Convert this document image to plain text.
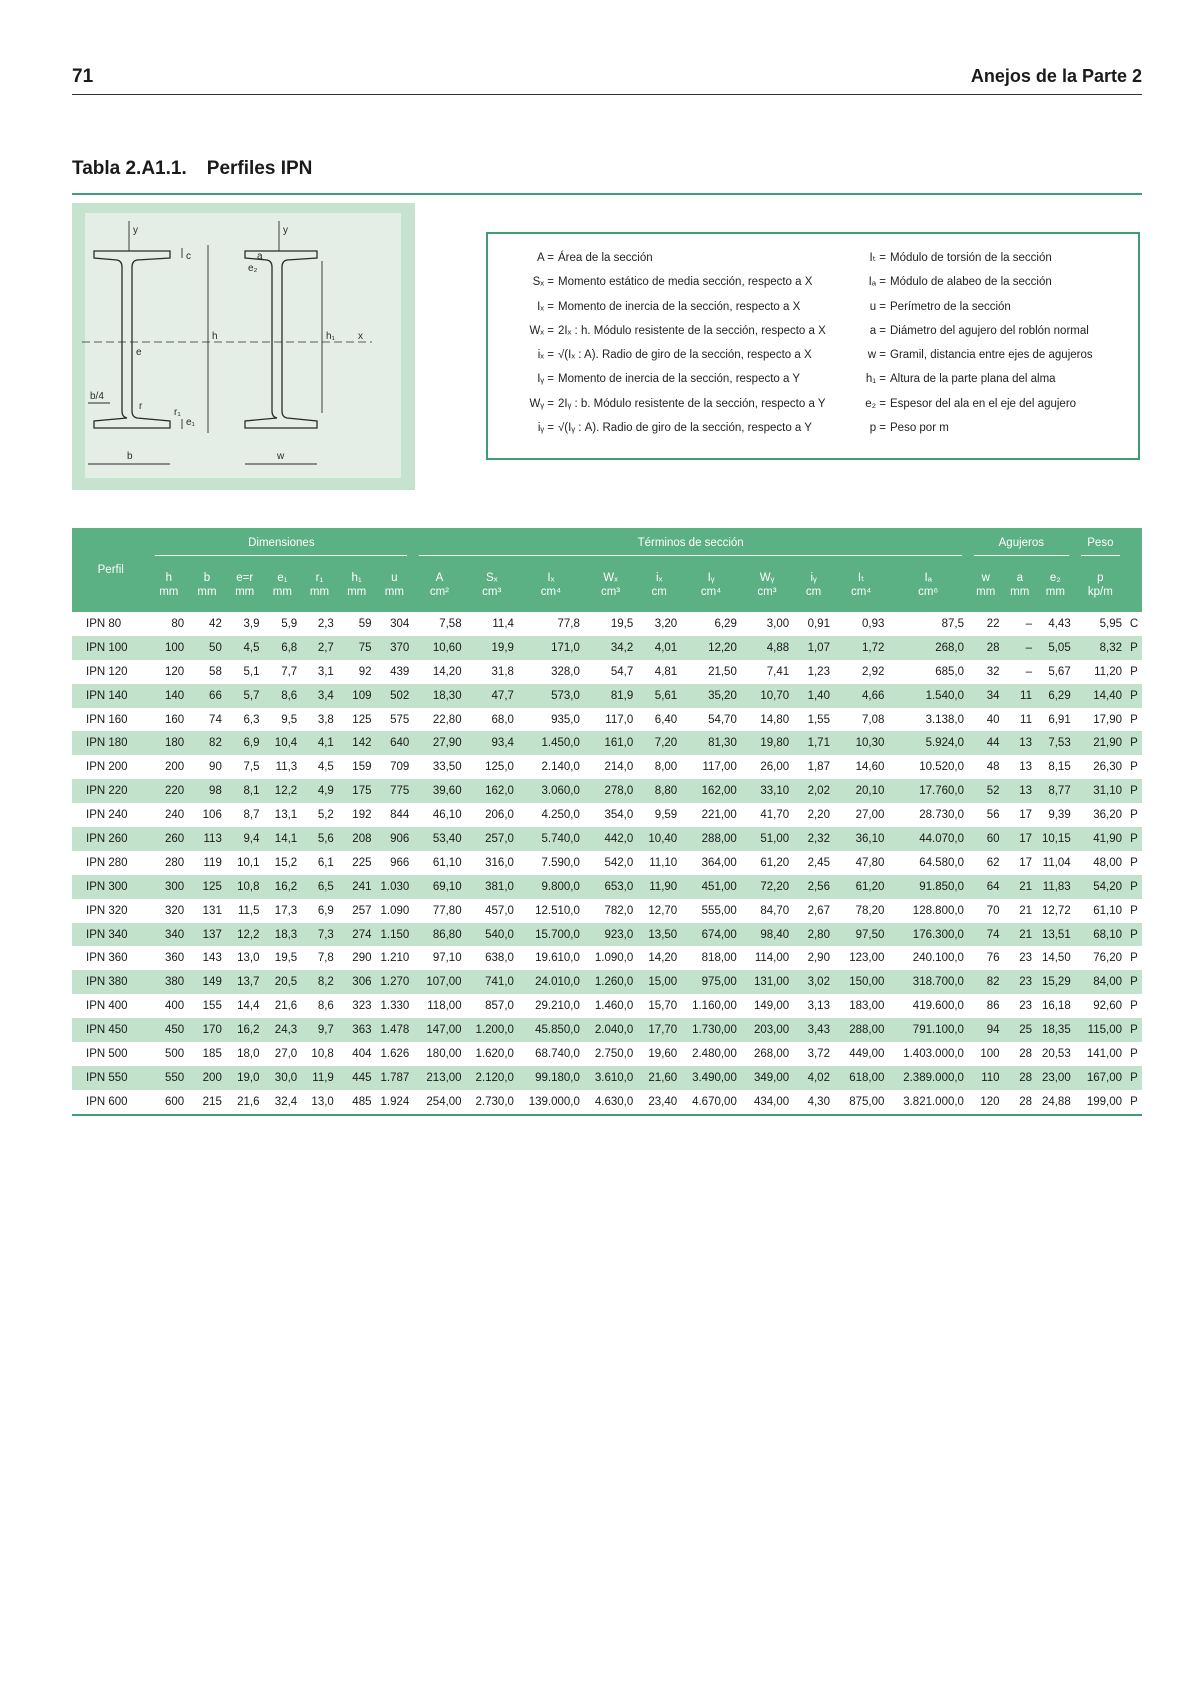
71	Anejos de la Parte 2
Tabla 2.A1.1. Perfiles IPN
y	y
c
e
h	h₁ x
b/4
e₁
r
r₁
b	w
e₂
a	A = Área de la sección
Sₓ = Momento estático de media sección, respecto a X
Iₓ = Momento de inercia de la sección, respecto a X
Wₓ = 2Iₓ : h. Módulo resistente de la sección, respecto a X
iₓ = √(Iₓ : A). Radio de giro de la sección, respecto a X
Iᵧ = Momento de inercia de la sección, respecto a Y
Wᵧ = 2Iᵧ : b. Módulo resistente de la sección, respecto a Y
iᵧ = √(Iᵧ : A). Radio de giro de la sección, respecto a Y
Iₜ = Módulo de torsión de la sección
Iₐ = Módulo de alabeo de la sección
u = Perímetro de la sección
a = Diámetro del agujero del roblón normal
w = Gramil, distancia entre ejes de agujeros
h₁ = Altura de la parte plana del alma
e₂ = Espesor del ala en el eje del agujero
p = Peso por m
Perfil	Dimensiones							Términos de sección										Agujeros			Peso	

	h	b	e=r	e₁	r₁	h₁	u	A	Sₓ	Iₓ	Wₓ	iₓ	Iᵧ	Wᵧ	iᵧ	Iₜ	Iₐ	w	a	e₂	p	
	mm	mm	mm	mm	mm	mm	mm	cm²	cm³	cm⁴	cm³	cm	cm⁴	cm³	cm	cm⁴	cm⁶	mm	mm	mm	kp/m	
IPN 80	80	42	3,9	5,9	2,3	59	304	7,58	11,4	77,8	19,5	3,20	6,29	3,00	0,91	0,93	87,5	22	–	4,43	5,95	C
IPN 100	100	50	4,5	6,8	2,7	75	370	10,60	19,9	171,0	34,2	4,01	12,20	4,88	1,07	1,72	268,0	28	–	5,05	8,32	P
IPN 120	120	58	5,1	7,7	3,1	92	439	14,20	31,8	328,0	54,7	4,81	21,50	7,41	1,23	2,92	685,0	32	–	5,67	11,20	P
IPN 140	140	66	5,7	8,6	3,4	109	502	18,30	47,7	573,0	81,9	5,61	35,20	10,70	1,40	4,66	1.540,0	34	11	6,29	14,40	P
IPN 160	160	74	6,3	9,5	3,8	125	575	22,80	68,0	935,0	117,0	6,40	54,70	14,80	1,55	7,08	3.138,0	40	11	6,91	17,90	P
IPN 180	180	82	6,9	10,4	4,1	142	640	27,90	93,4	1.450,0	161,0	7,20	81,30	19,80	1,71	10,30	5.924,0	44	13	7,53	21,90	P
IPN 200	200	90	7,5	11,3	4,5	159	709	33,50	125,0	2.140,0	214,0	8,00	117,00	26,00	1,87	14,60	10.520,0	48	13	8,15	26,30	P
IPN 220	220	98	8,1	12,2	4,9	175	775	39,60	162,0	3.060,0	278,0	8,80	162,00	33,10	2,02	20,10	17.760,0	52	13	8,77	31,10	P
IPN 240	240	106	8,7	13,1	5,2	192	844	46,10	206,0	4.250,0	354,0	9,59	221,00	41,70	2,20	27,00	28.730,0	56	17	9,39	36,20	P
IPN 260	260	113	9,4	14,1	5,6	208	906	53,40	257,0	5.740,0	442,0	10,40	288,00	51,00	2,32	36,10	44.070,0	60	17	10,15	41,90	P
IPN 280	280	119	10,1	15,2	6,1	225	966	61,10	316,0	7.590,0	542,0	11,10	364,00	61,20	2,45	47,80	64.580,0	62	17	11,04	48,00	P
IPN 300	300	125	10,8	16,2	6,5	241	1.030	69,10	381,0	9.800,0	653,0	11,90	451,00	72,20	2,56	61,20	91.850,0	64	21	11,83	54,20	P
IPN 320	320	131	11,5	17,3	6,9	257	1.090	77,80	457,0	12.510,0	782,0	12,70	555,00	84,70	2,67	78,20	128.800,0	70	21	12,72	61,10	P
IPN 340	340	137	12,2	18,3	7,3	274	1.150	86,80	540,0	15.700,0	923,0	13,50	674,00	98,40	2,80	97,50	176.300,0	74	21	13,51	68,10	P
IPN 360	360	143	13,0	19,5	7,8	290	1.210	97,10	638,0	19.610,0	1.090,0	14,20	818,00	114,00	2,90	123,00	240.100,0	76	23	14,50	76,20	P
IPN 380	380	149	13,7	20,5	8,2	306	1.270	107,00	741,0	24.010,0	1.260,0	15,00	975,00	131,00	3,02	150,00	318.700,0	82	23	15,29	84,00	P
IPN 400	400	155	14,4	21,6	8,6	323	1.330	118,00	857,0	29.210,0	1.460,0	15,70	1.160,00	149,00	3,13	183,00	419.600,0	86	23	16,18	92,60	P
IPN 450	450	170	16,2	24,3	9,7	363	1.478	147,00	1.200,0	45.850,0	2.040,0	17,70	1.730,00	203,00	3,43	288,00	791.100,0	94	25	18,35	115,00	P
IPN 500	500	185	18,0	27,0	10,8	404	1.626	180,00	1.620,0	68.740,0	2.750,0	19,60	2.480,00	268,00	3,72	449,00	1.403.000,0	100	28	20,53	141,00	P
IPN 550	550	200	19,0	30,0	11,9	445	1.787	213,00	2.120,0	99.180,0	3.610,0	21,60	3.490,00	349,00	4,02	618,00	2.389.000,0	110	28	23,00	167,00	P
IPN 600	600	215	21,6	32,4	13,0	485	1.924	254,00	2.730,0	139.000,0	4.630,0	23,40	4.670,00	434,00	4,30	875,00	3.821.000,0	120	28	24,88	199,00	P
